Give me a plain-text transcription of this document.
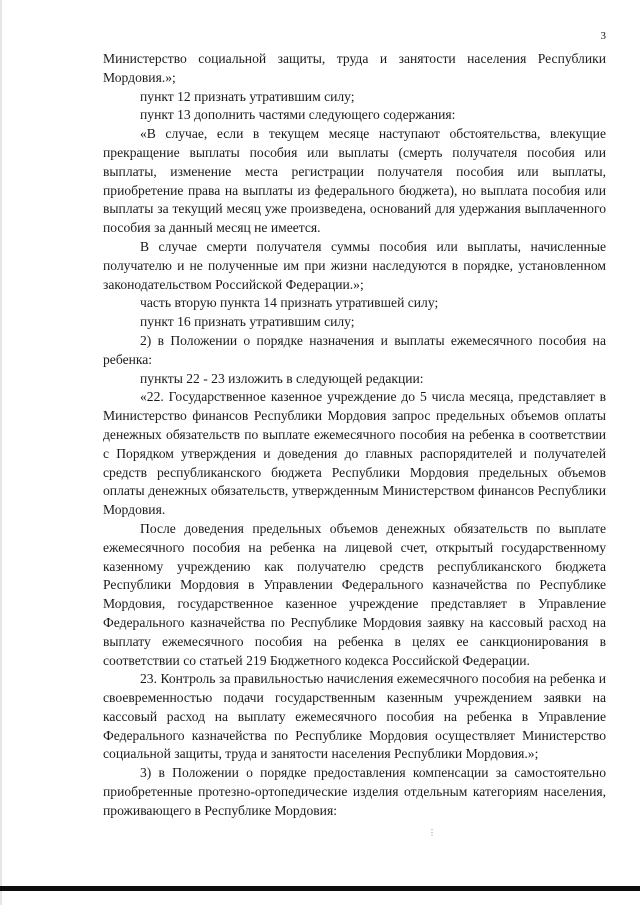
3

Министерство социальной защиты, труда и занятости населения Республики Мордовия.»;

пункт 12 признать утратившим силу;

пункт 13 дополнить частями следующего содержания:

«В случае, если в текущем месяце наступают обстоятельства, влекущие прекращение выплаты пособия или выплаты (смерть получателя пособия или выплаты, изменение места регистрации получателя пособия или выплаты, приобретение права на выплаты из федерального бюджета), но выплата пособия или выплаты за текущий месяц уже произведена, оснований для удержания выплаченного пособия за данный месяц не имеется.

В случае смерти получателя суммы пособия или выплаты, начисленные получателю и не полученные им при жизни наследуются в порядке, установленном законодательством Российской Федерации.»;

часть вторую пункта 14 признать утратившей силу;

пункт 16 признать утратившим силу;

2) в Положении о порядке назначения и выплаты ежемесячного пособия на ребенка:

пункты 22 - 23 изложить в следующей редакции:

«22. Государственное казенное учреждение до 5 числа месяца, представляет в Министерство финансов Республики Мордовия запрос предельных объемов оплаты денежных обязательств по выплате ежемесячного пособия на ребенка в соответствии с Порядком утверждения и доведения до главных распорядителей и получателей средств республиканского бюджета Республики Мордовия предельных объемов оплаты денежных обязательств, утвержденным Министерством финансов Республики Мордовия.

После доведения предельных объемов денежных обязательств по выплате ежемесячного пособия на ребенка на лицевой счет, открытый государственному казенному учреждению как получателю средств республиканского бюджета Республики Мордовия в Управлении Федерального казначейства по Республике Мордовия, государственное казенное учреждение представляет в Управление Федерального казначейства по Республике Мордовия заявку на кассовый расход на выплату ежемесячного пособия на ребенка в целях ее санкционирования в соответствии со статьей 219 Бюджетного кодекса Российской Федерации.

23. Контроль за правильностью начисления ежемесячного пособия на ребенка и своевременностью подачи государственным казенным учреждением заявки на кассовый расход на выплату ежемесячного пособия на ребенка в Управление Федерального казначейства по Республике Мордовия осуществляет Министерство социальной защиты, труда и занятости населения Республики Мордовия.»;

3) в Положении о порядке предоставления компенсации за самостоятельно приобретенные протезно-ортопедические изделия отдельным категориям населения, проживающего в Республике Мордовия:

⋮
